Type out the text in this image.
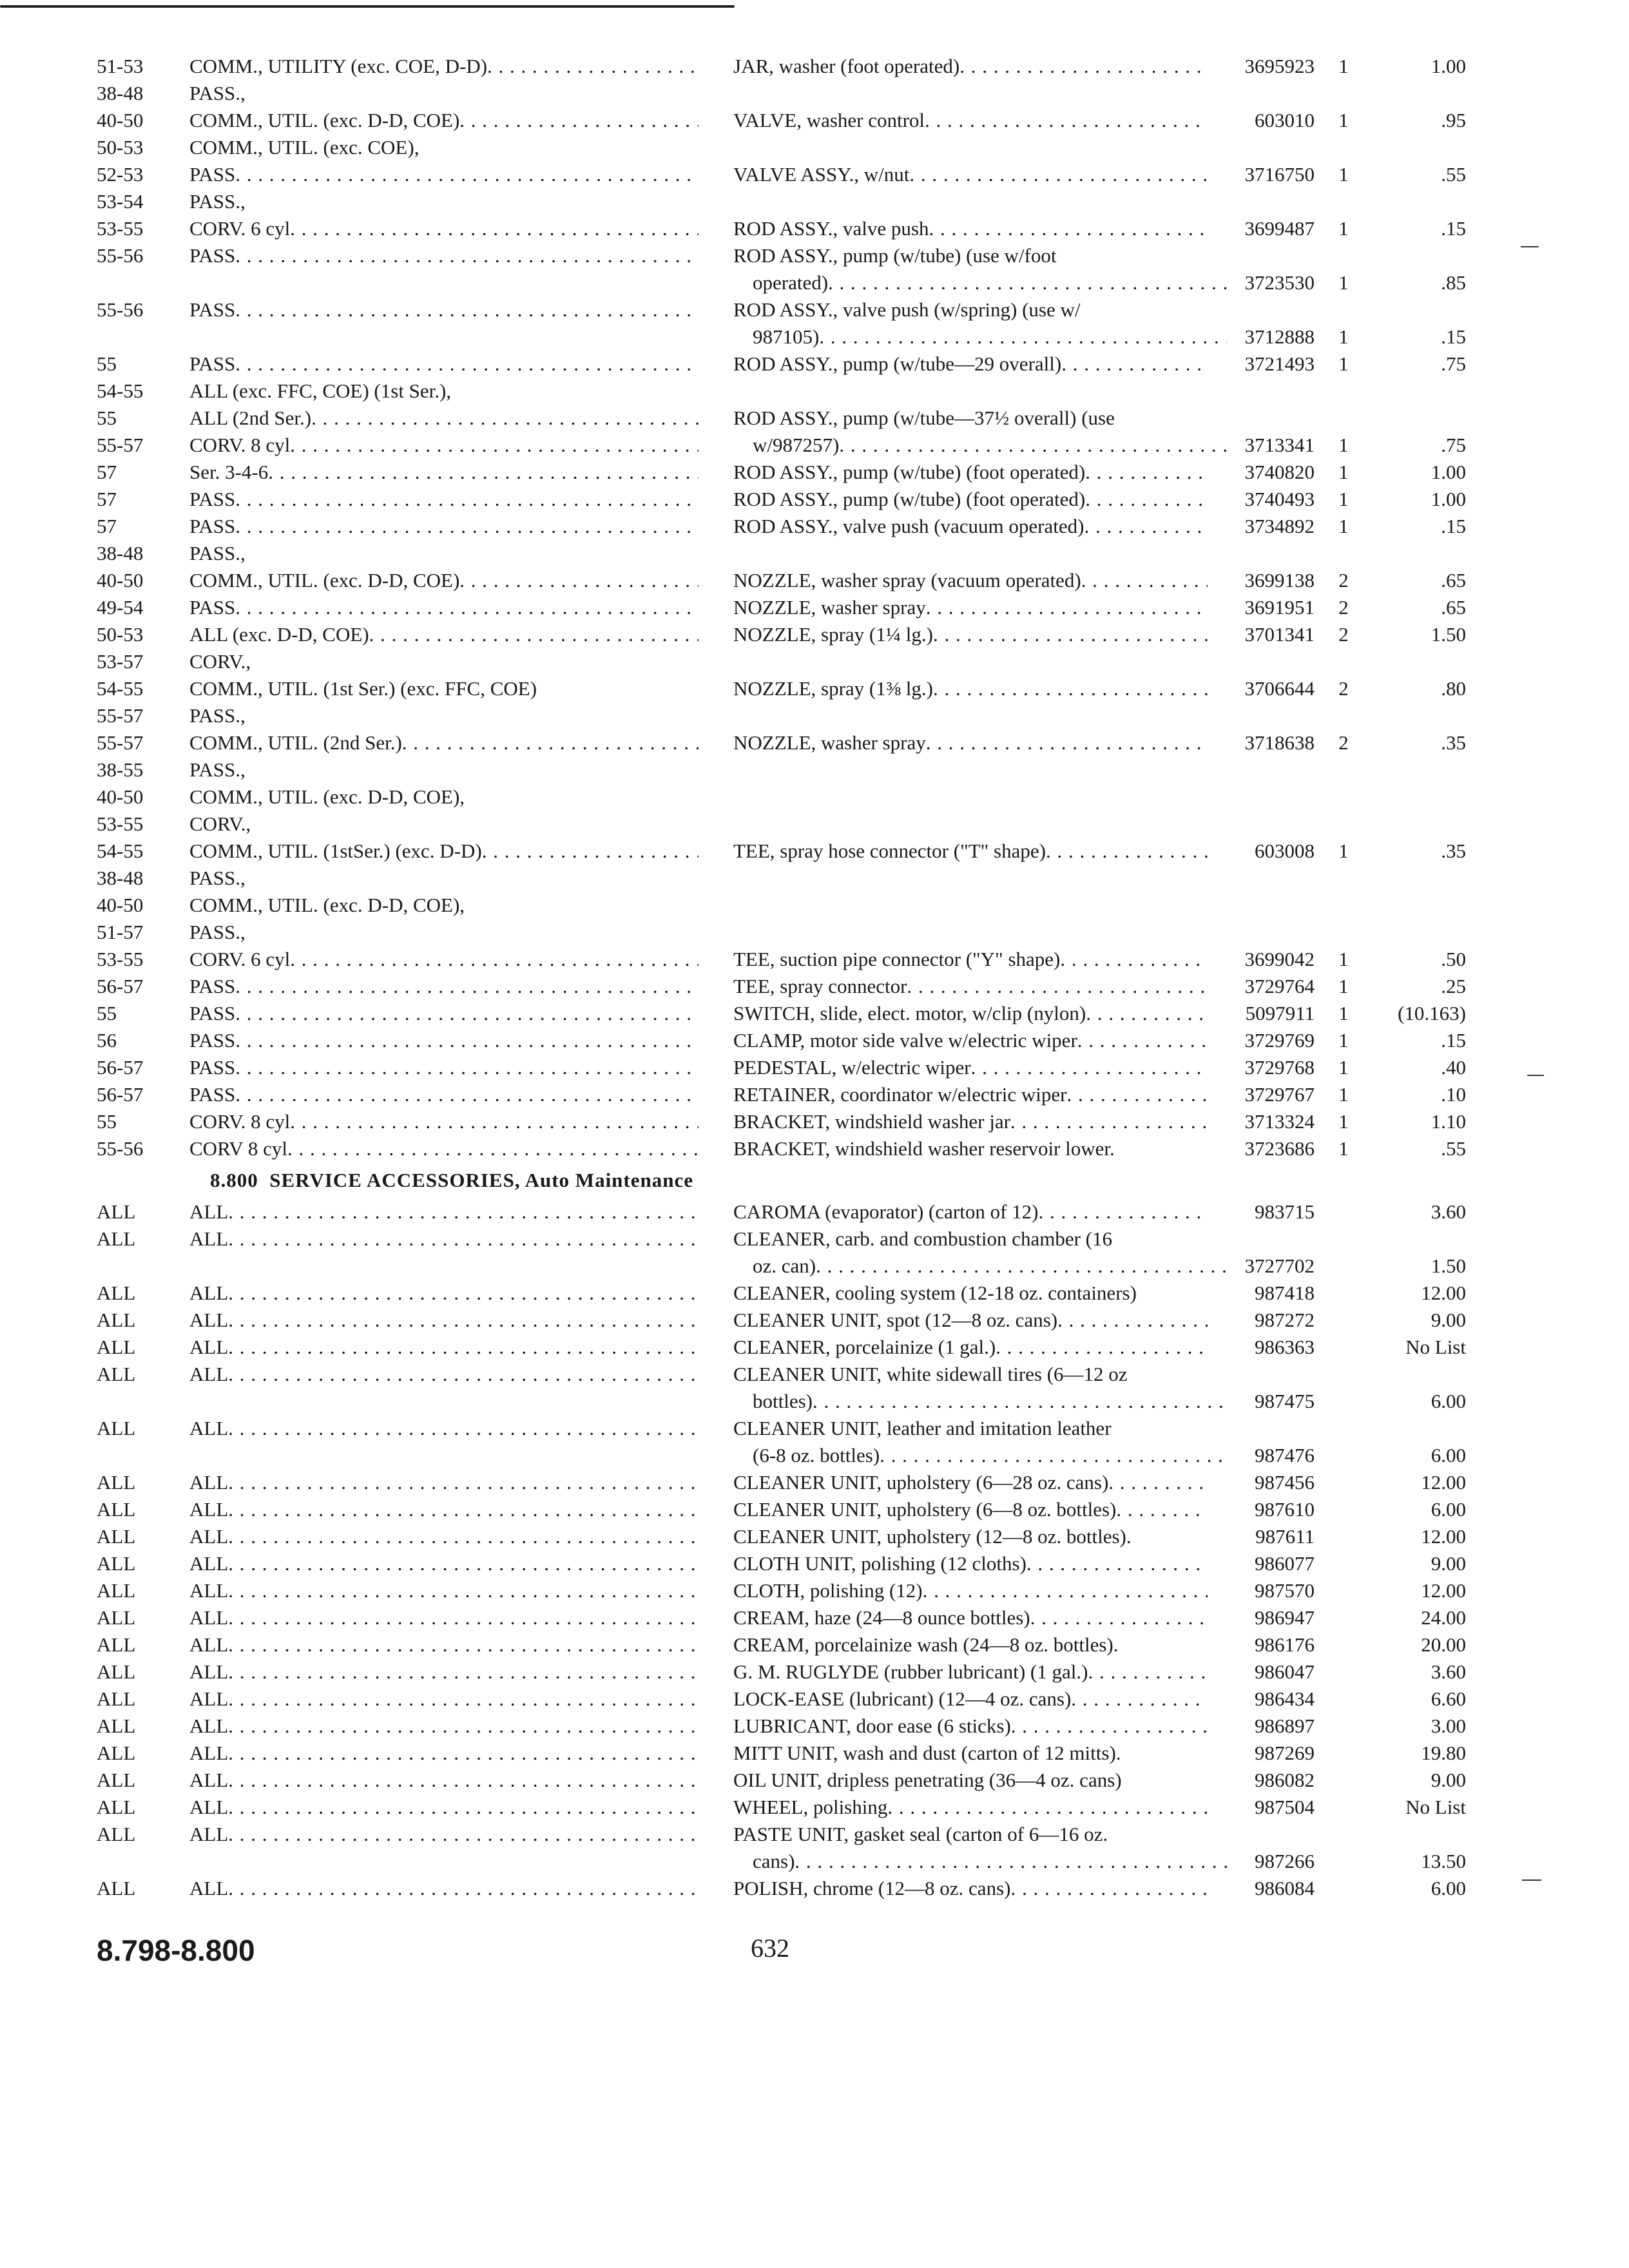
51-53	COMM., UTILITY (exc. COE, D-D) . . .	JAR, washer (foot operated) . . .	3695923	1	1.00
38-48	PASS.,
40-50	COMM., UTIL. (exc. D-D, COE) . . .	VALVE, washer control . . .	603010	1	.95
50-53	COMM., UTIL. (exc. COE),
52-53	PASS . . .	VALVE ASSY., w/nut . . .	3716750	1	.55
53-54	PASS.,
53-55	CORV. 6 cyl . . .	ROD ASSY., valve push . . .	3699487	1	.15
55-56	PASS . . .	ROD ASSY., pump (w/tube) (use w/foot
operated) . . .	3723530	1	.85
55-56	PASS . . .	ROD ASSY., valve push (w/spring) (use w/
987105) . . .	3712888	1	.15
55	PASS . . .	ROD ASSY., pump (w/tube—29 overall) . . .	3721493	1	.75
54-55	ALL (exc. FFC, COE) (1st Ser.),
55	ALL (2nd Ser.) . . .	ROD ASSY., pump (w/tube—37½ overall) (use
55-57	CORV. 8 cyl . . .	w/987257) . . .	3713341	1	.75
57	Ser. 3-4-6 . . .	ROD ASSY., pump (w/tube) (foot operated) . . .	3740820	1	1.00
57	PASS . . .	ROD ASSY., pump (w/tube) (foot operated) . . .	3740493	1	1.00
57	PASS . . .	ROD ASSY., valve push (vacuum operated) . . .	3734892	1	.15
38-48	PASS.,
40-50	COMM., UTIL. (exc. D-D, COE) . . .	NOZZLE, washer spray (vacuum operated) . . .	3699138	2	.65
49-54	PASS . . .	NOZZLE, washer spray . . .	3691951	2	.65
50-53	ALL (exc. D-D, COE) . . .	NOZZLE, spray (1¼ lg.) . . .	3701341	2	1.50
53-57	CORV.,
54-55	COMM., UTIL. (1st Ser.) (exc. FFC, COE)	NOZZLE, spray (1⅜ lg.) . . .	3706644	2	.80
55-57	PASS.,
55-57	COMM., UTIL. (2nd Ser.) . . .	NOZZLE, washer spray . . .	3718638	2	.35
38-55	PASS.,
40-50	COMM., UTIL. (exc. D-D, COE),
53-55	CORV.,
54-55	COMM., UTIL. (1stSer.) (exc. D-D) . . .	TEE, spray hose connector ("T" shape) . . .	603008	1	.35
38-48	PASS.,
40-50	COMM., UTIL. (exc. D-D, COE),
51-57	PASS.,
53-55	CORV. 6 cyl . . .	TEE, suction pipe connector ("Y" shape) . . .	3699042	1	.50
56-57	PASS . . .	TEE, spray connector . . .	3729764	1	.25
55	PASS . . .	SWITCH, slide, elect. motor, w/clip (nylon) . . .	5097911	1	(10.163)
56	PASS . . .	CLAMP, motor side valve w/electric wiper . . .	3729769	1	.15
56-57	PASS . . .	PEDESTAL, w/electric wiper . . .	3729768	1	.40
56-57	PASS . . .	RETAINER, coordinator w/electric wiper . . .	3729767	1	.10
55	CORV. 8 cyl . . .	BRACKET, windshield washer jar . . .	3713324	1	1.10
55-56	CORV 8 cyl . . .	BRACKET, windshield washer reservoir lower.	3723686	1	.55
8.800 SERVICE ACCESSORIES, Auto Maintenance
ALL	ALL . . .	CAROMA (evaporator) (carton of 12) . . .	983715	3.60
ALL	ALL . . .	CLEANER, carb. and combustion chamber (16
oz. can) . . .	3727702	1.50
ALL	ALL . . .	CLEANER, cooling system (12-18 oz. containers)	987418	12.00
ALL	ALL . . .	CLEANER UNIT, spot (12—8 oz. cans) . . .	987272	9.00
ALL	ALL . . .	CLEANER, porcelainize (1 gal.) . . .	986363	No List
ALL	ALL . . .	CLEANER UNIT, white sidewall tires (6—12 oz
bottles) . . .	987475	6.00
ALL	ALL . . .	CLEANER UNIT, leather and imitation leather
(6-8 oz. bottles) . . .	987476	6.00
ALL	ALL . . .	CLEANER UNIT, upholstery (6—28 oz. cans) . . .	987456	12.00
ALL	ALL . . .	CLEANER UNIT, upholstery (6—8 oz. bottles) . . .	987610	6.00
ALL	ALL . . .	CLEANER UNIT, upholstery (12—8 oz. bottles).	987611	12.00
ALL	ALL . . .	CLOTH UNIT, polishing (12 cloths) . . .	986077	9.00
ALL	ALL . . .	CLOTH, polishing (12) . . .	987570	12.00
ALL	ALL . . .	CREAM, haze (24—8 ounce bottles) . . .	986947	24.00
ALL	ALL . . .	CREAM, porcelainize wash (24—8 oz. bottles).	986176	20.00
ALL	ALL . . .	G. M. RUGLYDE (rubber lubricant) (1 gal.) . . .	986047	3.60
ALL	ALL . . .	LOCK-EASE (lubricant) (12—4 oz. cans) . . .	986434	6.60
ALL	ALL . . .	LUBRICANT, door ease (6 sticks) . . .	986897	3.00
ALL	ALL . . .	MITT UNIT, wash and dust (carton of 12 mitts).	987269	19.80
ALL	ALL . . .	OIL UNIT, dripless penetrating (36—4 oz. cans)	986082	9.00
ALL	ALL . . .	WHEEL, polishing . . .	987504	No List
ALL	ALL . . .	PASTE UNIT, gasket seal (carton of 6—16 oz.
cans) . . .	987266	13.50
ALL	ALL . . .	POLISH, chrome (12—8 oz. cans) . . .	986084	6.00
8.798-8.800	632
